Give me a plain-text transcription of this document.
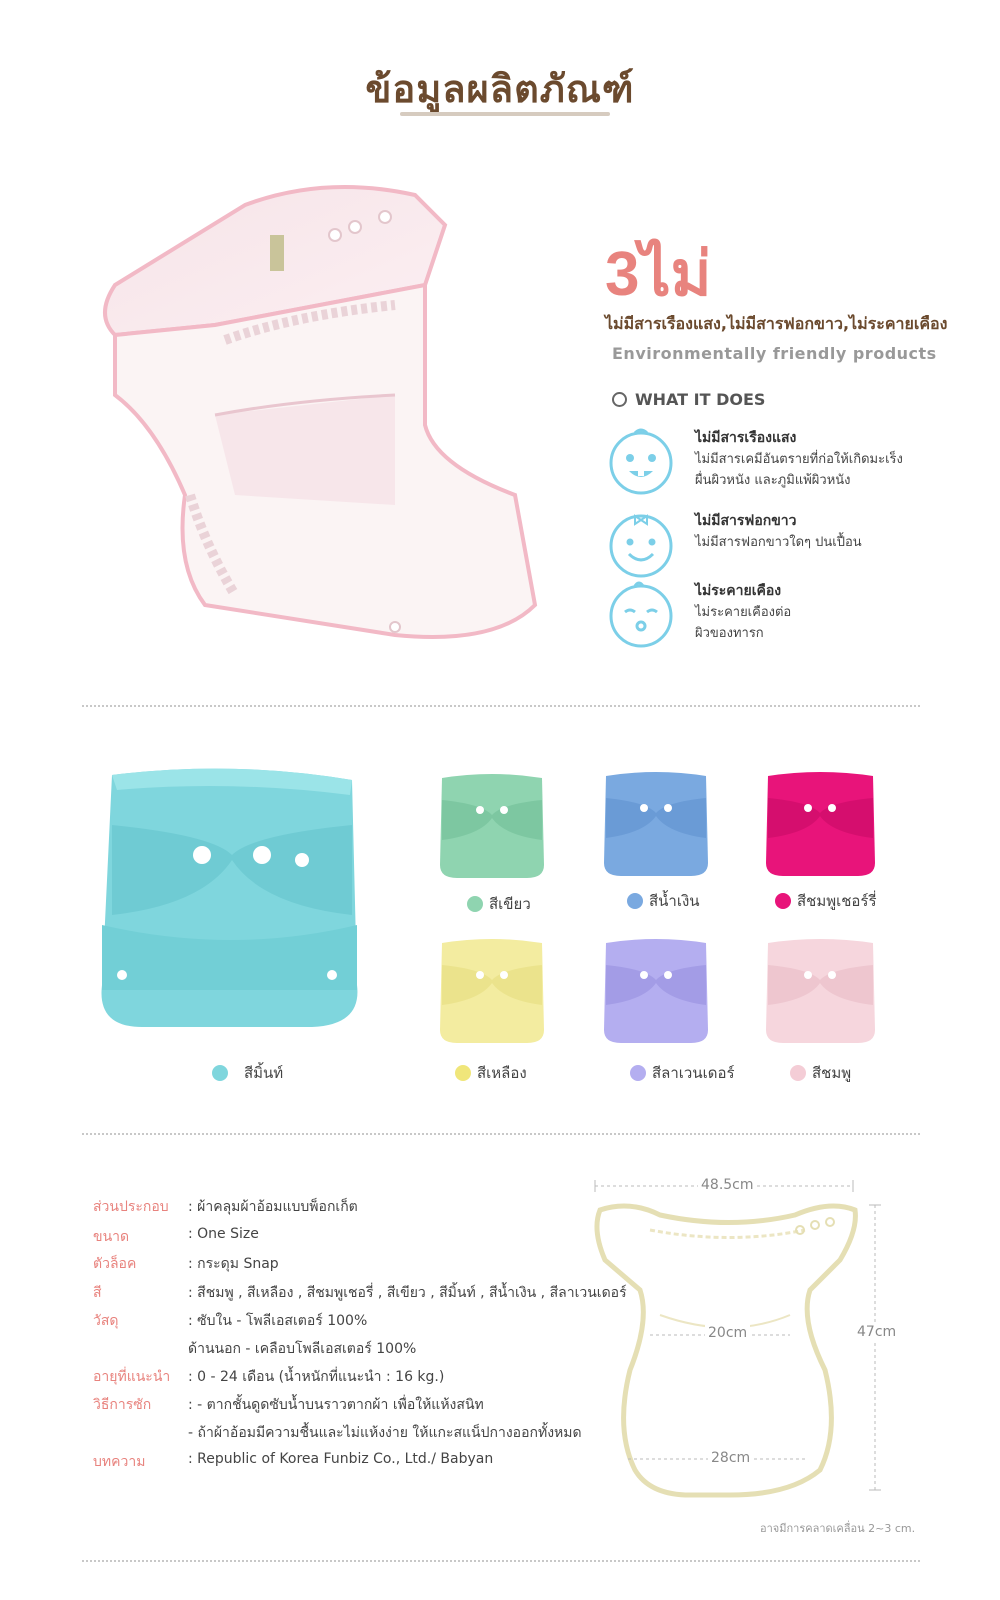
ข้อมูลผลิตภัณฑ์
3ไม่
ไม่มีสารเรืองแสง,ไม่มีสารฟอกขาว,ไม่ระคายเคือง
Environmentally friendly products
WHAT IT DOES
ไม่มีสารเรืองแสง
ไม่มีสารเคมีอันตรายที่ก่อให้เกิดมะเร็ง
ผื่นผิวหนัง และภูมิแพ้ผิวหนัง
ไม่มีสารฟอกขาว
ไม่มีสารฟอกขาวใดๆ ปนเปื้อน
ไม่ระคายเคือง
ไม่ระคายเคืองต่อ
ผิวของทารก
สีมิ้นท์
สีเขียว	สีน้ำเงิน	สีชมพูเชอร์รี่
สีเหลือง	สีลาเวนเดอร์	สีชมพู
ส่วนประกอบ : ผ้าคลุมผ้าอ้อมแบบพ็อกเก็ต
ขนาด	: One Size
ตัวล็อค	: กระดุม Snap
สี	: สีชมพู , สีเหลือง , สีชมพูเชอรี่ , สีเขียว , สีมิ้นท์ , สีน้ำเงิน , สีลาเวนเดอร์
วัสดุ	: ซับใน - โพลีเอสเตอร์ 100%
ด้านนอก - เคลือบโพลีเอสเตอร์ 100%
อายุที่แนะนำ : 0 - 24 เดือน (น้ำหนักที่แนะนำ : 16 kg.)
วิธีการซัก	: - ตากชั้นดูดซับน้ำบนราวตากผ้า เพื่อให้แห้งสนิท
- ถ้าผ้าอ้อมมีความชื้นและไม่แห้งง่าย ให้แกะสแน็ปกางออกทั้งหมด
บทความ	: Republic of Korea Funbiz Co., Ltd./ Babyan
48.5cm
47cm
20cm
28cm
อาจมีการคลาดเคลื่อน 2~3 cm.
